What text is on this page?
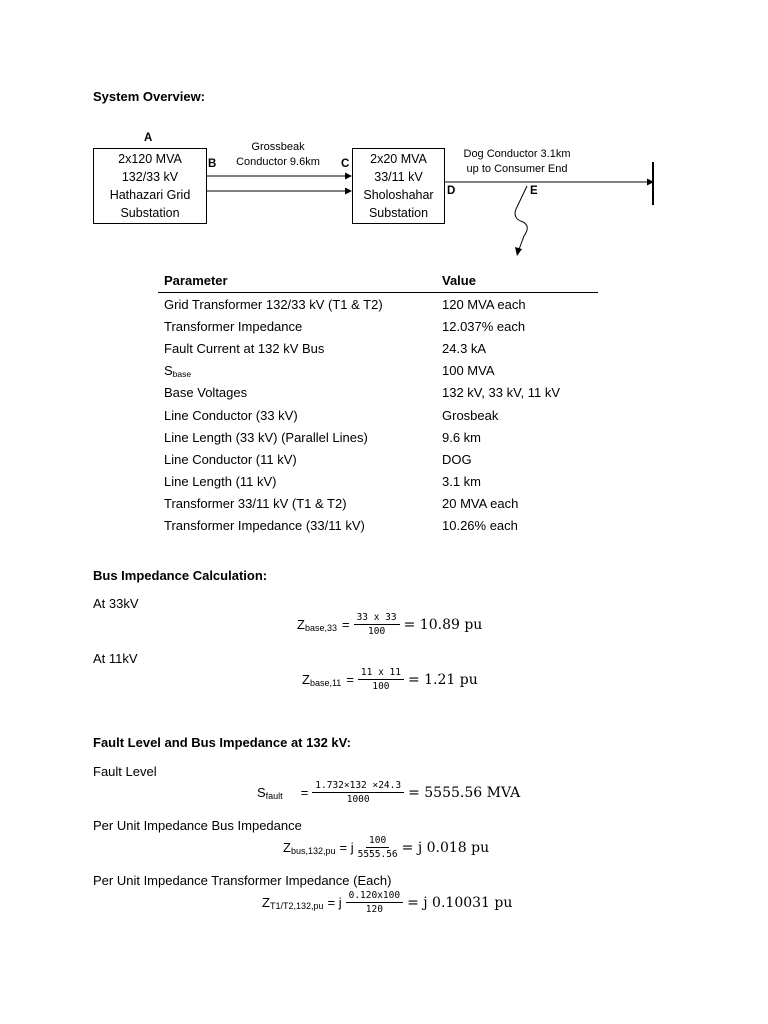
System Overview:
A
B	C
D	E
2x120 MVA
132/33 kV
Hathazari Grid
Substation
2x20 MVA
33/11 kV
Sholoshahar
Substation
Grossbeak
Conductor 9.6km
Dog Conductor 3.1km
up to Consumer End
Parameter	Value
Grid Transformer 132/33 kV (T1 & T2)	120 MVA each
Transformer Impedance	12.037% each
Fault Current at 132 kV Bus	24.3 kA
$S_{base}$	100 MVA
Base Voltages	132 kV, 33 kV, 11 kV
Line Conductor (33 kV)	Grosbeak
Line Length (33 kV) (Parallel Lines)	9.6 km
Line Conductor (11 kV)	DOG
Line Length (11 kV)	3.1 km
Transformer 33/11 kV (T1 & T2)	20 MVA each
Transformer Impedance (33/11 kV)	10.26% each
Bus Impedance Calculation:
At 33kV
$Z_{base,33} = \frac{33 x 33}{100} = 10.89$ pu
At 11kV
$Z_{base,11} = \frac{11 x 11}{100} = 1.21$ pu
Fault Level and Bus Impedance at 132 kV:
Fault Level
$S_{fault} = \frac{1.732\times 132 \times 24.3}{1000} = 5555.56$ MVA
Per Unit Impedance Bus Impedance
$Z_{bus,132,pu} = j \frac{100}{5555.56} = j$ 0.018 pu
Per Unit Impedance Transformer Impedance (Each)
$Z_{T1/T2,132,pu} = j \frac{0.120x100}{120} = j$ 0.10031 pu
